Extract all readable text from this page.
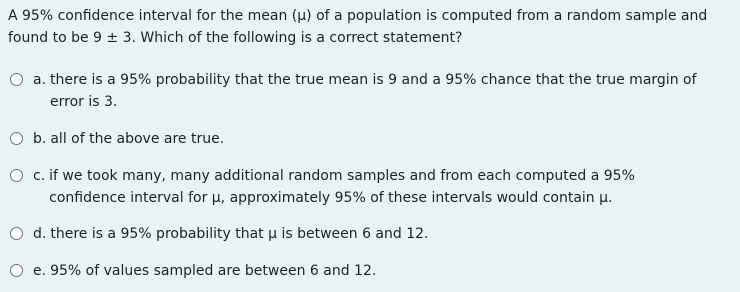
A 95% confidence interval for the mean (μ) of a population is computed from a random sample and found to be 9 ± 3. Which of the following is a correct statement?

a. there is a 95% probability that the true mean is 9 and a 95% chance that the true margin of error is 3.
b. all of the above are true.
c. if we took many, many additional random samples and from each computed a 95% confidence interval for μ, approximately 95% of these intervals would contain μ.
d. there is a 95% probability that μ is between 6 and 12.
e. 95% of values sampled are between 6 and 12.
